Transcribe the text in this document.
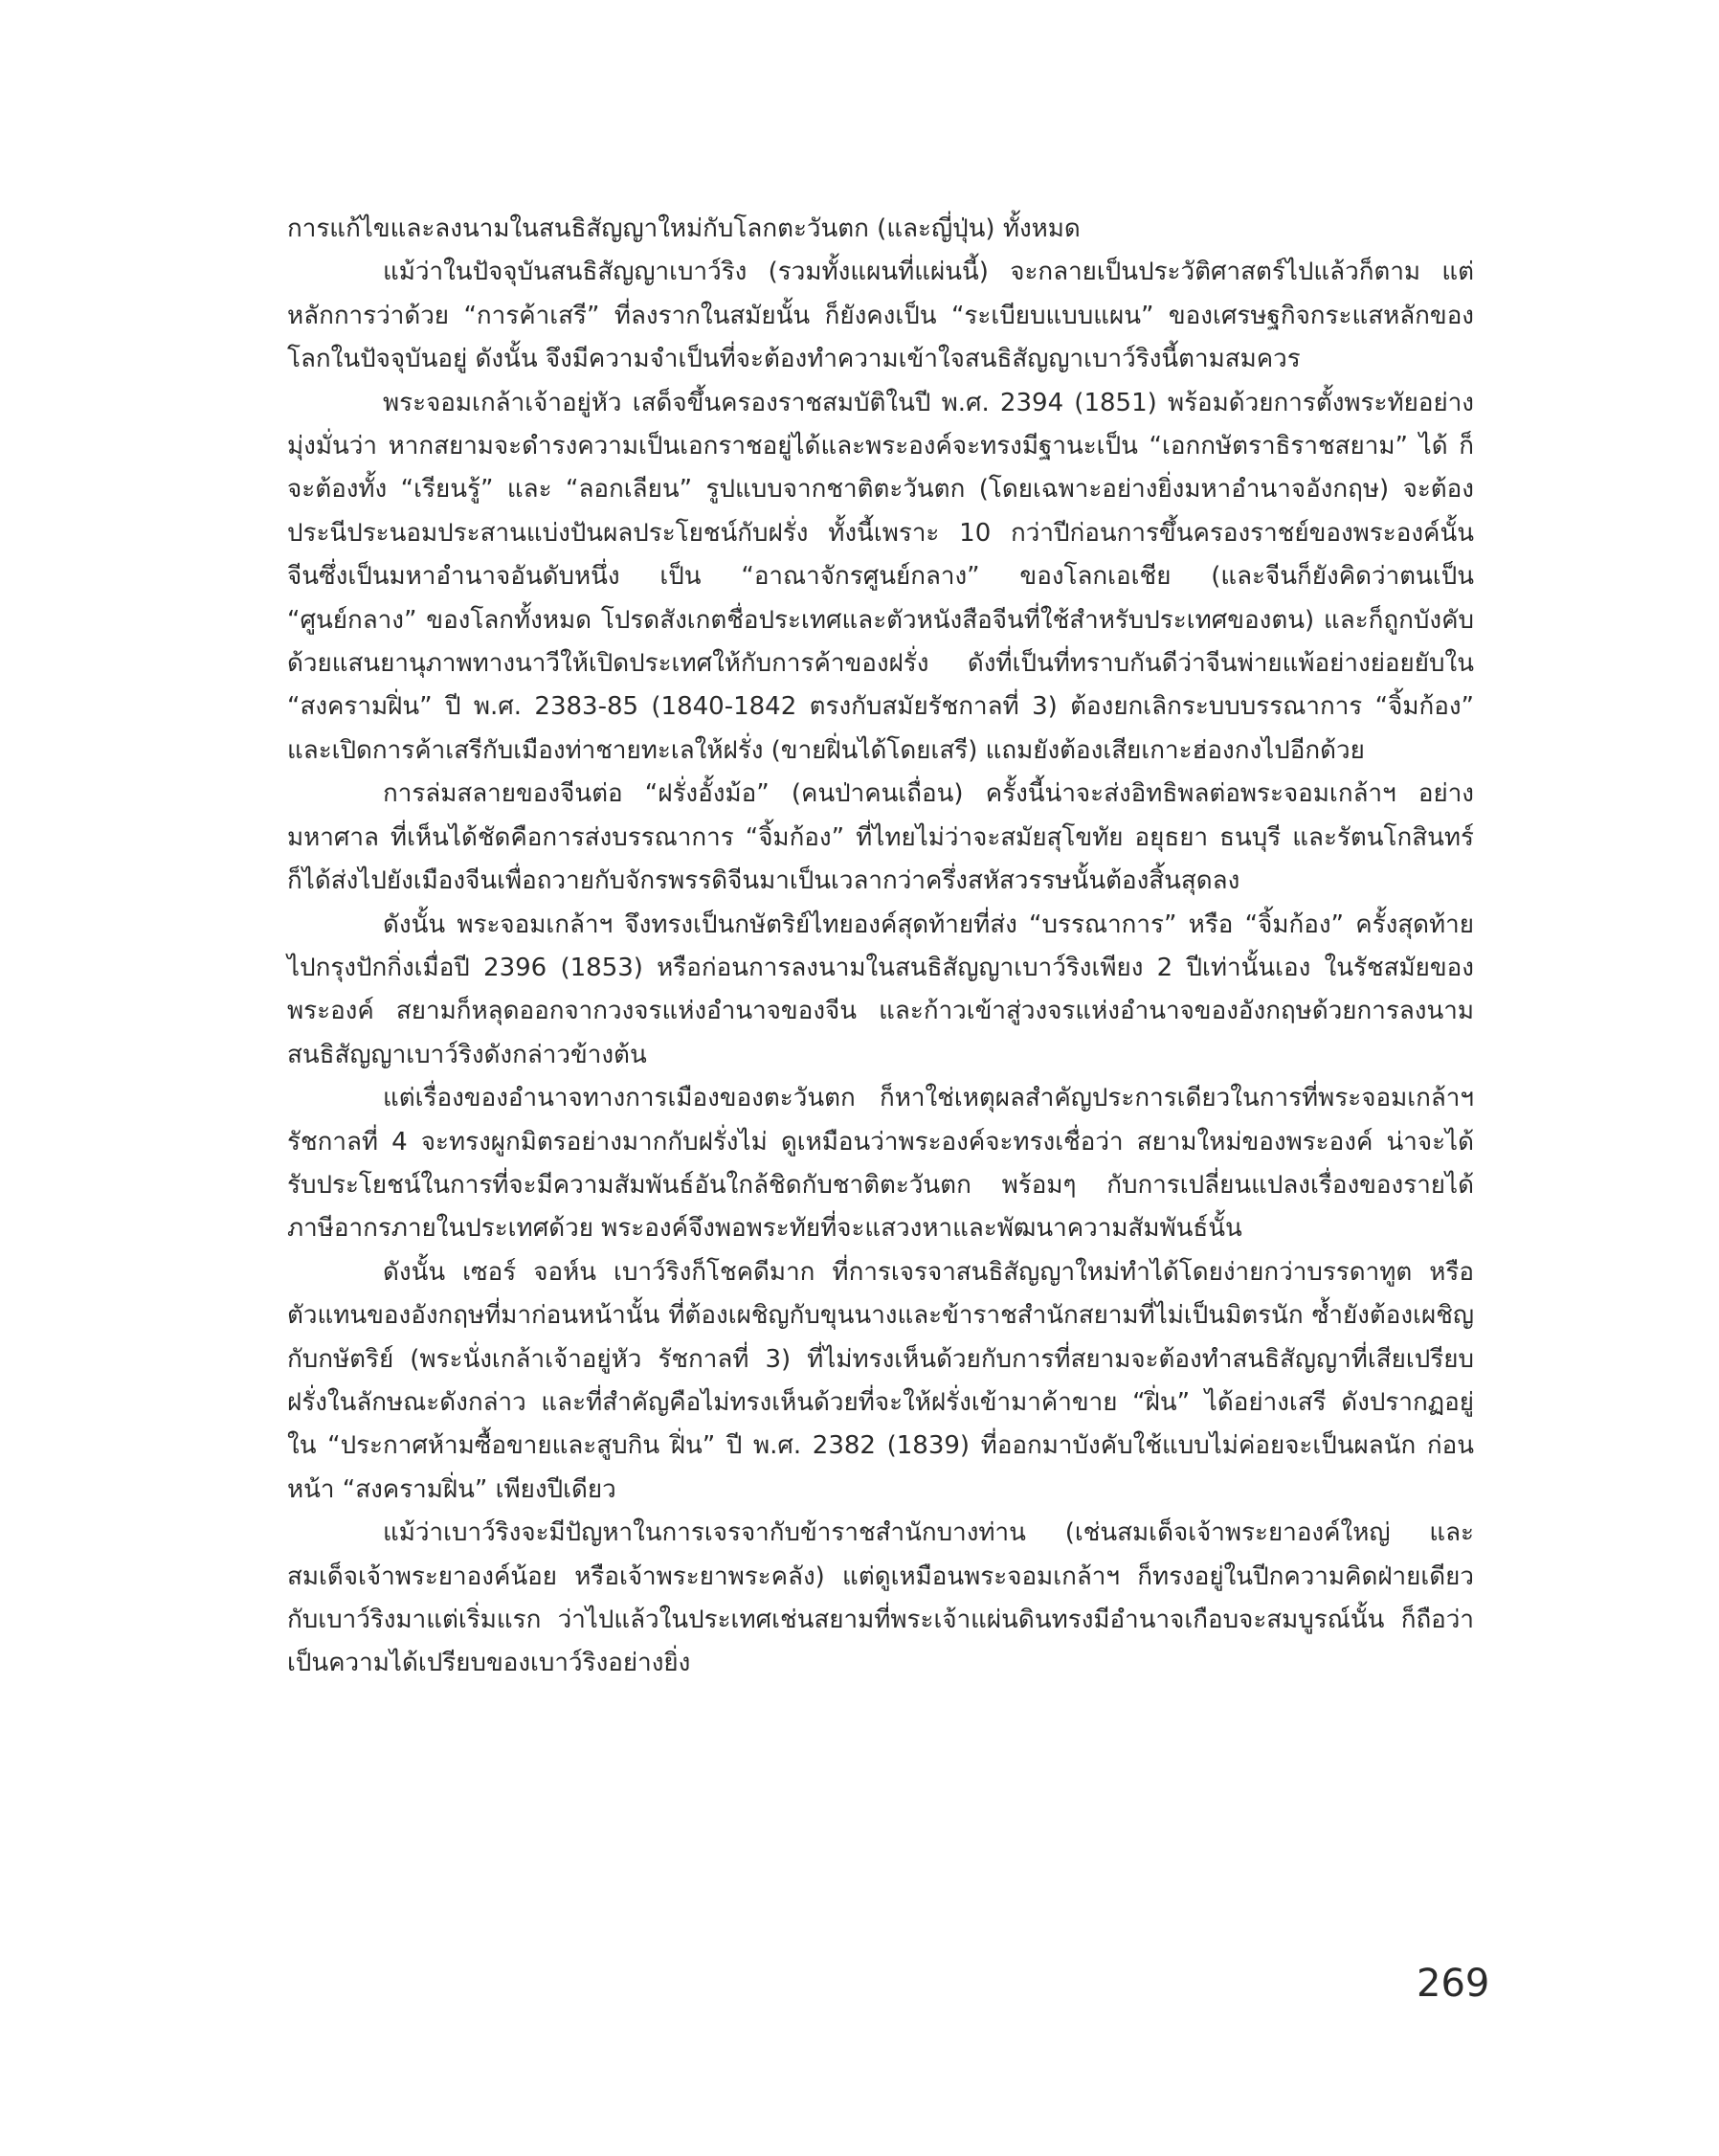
การแก้ไขและลงนามในสนธิสัญญาใหม่กับโลกตะวันตก (และญี่ปุ่น) ทั้งหมด

แม้ว่าในปัจจุบันสนธิสัญญาเบาว์ริง (รวมทั้งแผนที่แผ่นนี้) จะกลายเป็นประวัติศาสตร์ไปแล้วก็ตาม แต่หลักการว่าด้วย “การค้าเสรี” ที่ลงรากในสมัยนั้น ก็ยังคงเป็น “ระเบียบแบบแผน” ของเศรษฐกิจกระแสหลักของโลกในปัจจุบันอยู่ ดังนั้น จึงมีความจำเป็นที่จะต้องทำความเข้าใจสนธิสัญญาเบาว์ริงนี้ตามสมควร

พระจอมเกล้าเจ้าอยู่หัว เสด็จขึ้นครองราชสมบัติในปี พ.ศ. 2394 (1851) พร้อมด้วยการตั้งพระทัยอย่างมุ่งมั่นว่า หากสยามจะดำรงความเป็นเอกราชอยู่ได้และพระองค์จะทรงมีฐานะเป็น “เอกกษัตราธิราชสยาม” ได้ ก็จะต้องทั้ง “เรียนรู้” และ “ลอกเลียน” รูปแบบจากชาติตะวันตก (โดยเฉพาะอย่างยิ่งมหาอำนาจอังกฤษ) จะต้องประนีประนอมประสานแบ่งปันผลประโยชน์กับฝรั่ง ทั้งนี้เพราะ 10 กว่าปีก่อนการขึ้นครองราชย์ของพระองค์นั้น จีนซึ่งเป็นมหาอำนาจอันดับหนึ่ง เป็น “อาณาจักรศูนย์กลาง” ของโลกเอเชีย (และจีนก็ยังคิดว่าตนเป็น “ศูนย์กลาง” ของโลกทั้งหมด โปรดสังเกตชื่อประเทศและตัวหนังสือจีนที่ใช้สำหรับประเทศของตน) และก็ถูกบังคับด้วยแสนยานุภาพทางนาวีให้เปิดประเทศให้กับการค้าของฝรั่ง ดังที่เป็นที่ทราบกันดีว่าจีนพ่ายแพ้อย่างย่อยยับใน “สงครามฝิ่น” ปี พ.ศ. 2383-85 (1840-1842 ตรงกับสมัยรัชกาลที่ 3) ต้องยกเลิกระบบบรรณาการ “จิ้มก้อง” และเปิดการค้าเสรีกับเมืองท่าชายทะเลให้ฝรั่ง (ขายฝิ่นได้โดยเสรี) แถมยังต้องเสียเกาะฮ่องกงไปอีกด้วย

การล่มสลายของจีนต่อ “ฝรั่งอั้งม้อ” (คนป่าคนเถื่อน) ครั้งนี้น่าจะส่งอิทธิพลต่อพระจอมเกล้าฯ อย่างมหาศาล ที่เห็นได้ชัดคือการส่งบรรณาการ “จิ้มก้อง” ที่ไทยไม่ว่าจะสมัยสุโขทัย อยุธยา ธนบุรี และรัตนโกสินทร์ก็ได้ส่งไปยังเมืองจีนเพื่อถวายกับจักรพรรดิจีนมาเป็นเวลากว่าครึ่งสหัสวรรษนั้นต้องสิ้นสุดลง

ดังนั้น พระจอมเกล้าฯ จึงทรงเป็นกษัตริย์ไทยองค์สุดท้ายที่ส่ง “บรรณาการ” หรือ “จิ้มก้อง” ครั้งสุดท้ายไปกรุงปักกิ่งเมื่อปี 2396 (1853) หรือก่อนการลงนามในสนธิสัญญาเบาว์ริงเพียง 2 ปีเท่านั้นเอง ในรัชสมัยของพระองค์ สยามก็หลุดออกจากวงจรแห่งอำนาจของจีน และก้าวเข้าสู่วงจรแห่งอำนาจของอังกฤษด้วยการลงนามสนธิสัญญาเบาว์ริงดังกล่าวข้างต้น

แต่เรื่องของอำนาจทางการเมืองของตะวันตก ก็หาใช่เหตุผลสำคัญประการเดียวในการที่พระจอมเกล้าฯ รัชกาลที่ 4 จะทรงผูกมิตรอย่างมากกับฝรั่งไม่ ดูเหมือนว่าพระองค์จะทรงเชื่อว่า สยามใหม่ของพระองค์ น่าจะได้รับประโยชน์ในการที่จะมีความสัมพันธ์อันใกล้ชิดกับชาติตะวันตก พร้อมๆ กับการเปลี่ยนแปลงเรื่องของรายได้ ภาษีอากรภายในประเทศด้วย พระองค์จึงพอพระทัยที่จะแสวงหาและพัฒนาความสัมพันธ์นั้น

ดังนั้น เซอร์ จอห์น เบาว์ริงก็โชคดีมาก ที่การเจรจาสนธิสัญญาใหม่ทำได้โดยง่ายกว่าบรรดาทูต หรือตัวแทนของอังกฤษที่มาก่อนหน้านั้น ที่ต้องเผชิญกับขุนนางและข้าราชสำนักสยามที่ไม่เป็นมิตรนัก ซ้ำยังต้องเผชิญกับกษัตริย์ (พระนั่งเกล้าเจ้าอยู่หัว รัชกาลที่ 3) ที่ไม่ทรงเห็นด้วยกับการที่สยามจะต้องทำสนธิสัญญาที่เสียเปรียบฝรั่งในลักษณะดังกล่าว และที่สำคัญคือไม่ทรงเห็นด้วยที่จะให้ฝรั่งเข้ามาค้าขาย “ฝิ่น” ได้อย่างเสรี ดังปรากฏอยู่ใน “ประกาศห้ามซื้อขายและสูบกิน ฝิ่น” ปี พ.ศ. 2382 (1839) ที่ออกมาบังคับใช้แบบไม่ค่อยจะเป็นผลนัก ก่อนหน้า “สงครามฝิ่น” เพียงปีเดียว

แม้ว่าเบาว์ริงจะมีปัญหาในการเจรจากับข้าราชสำนักบางท่าน (เช่นสมเด็จเจ้าพระยาองค์ใหญ่ และสมเด็จเจ้าพระยาองค์น้อย หรือเจ้าพระยาพระคลัง) แต่ดูเหมือนพระจอมเกล้าฯ ก็ทรงอยู่ในปีกความคิดฝ่ายเดียวกับเบาว์ริงมาแต่เริ่มแรก ว่าไปแล้วในประเทศเช่นสยามที่พระเจ้าแผ่นดินทรงมีอำนาจเกือบจะสมบูรณ์นั้น ก็ถือว่าเป็นความได้เปรียบของเบาว์ริงอย่างยิ่ง

269
